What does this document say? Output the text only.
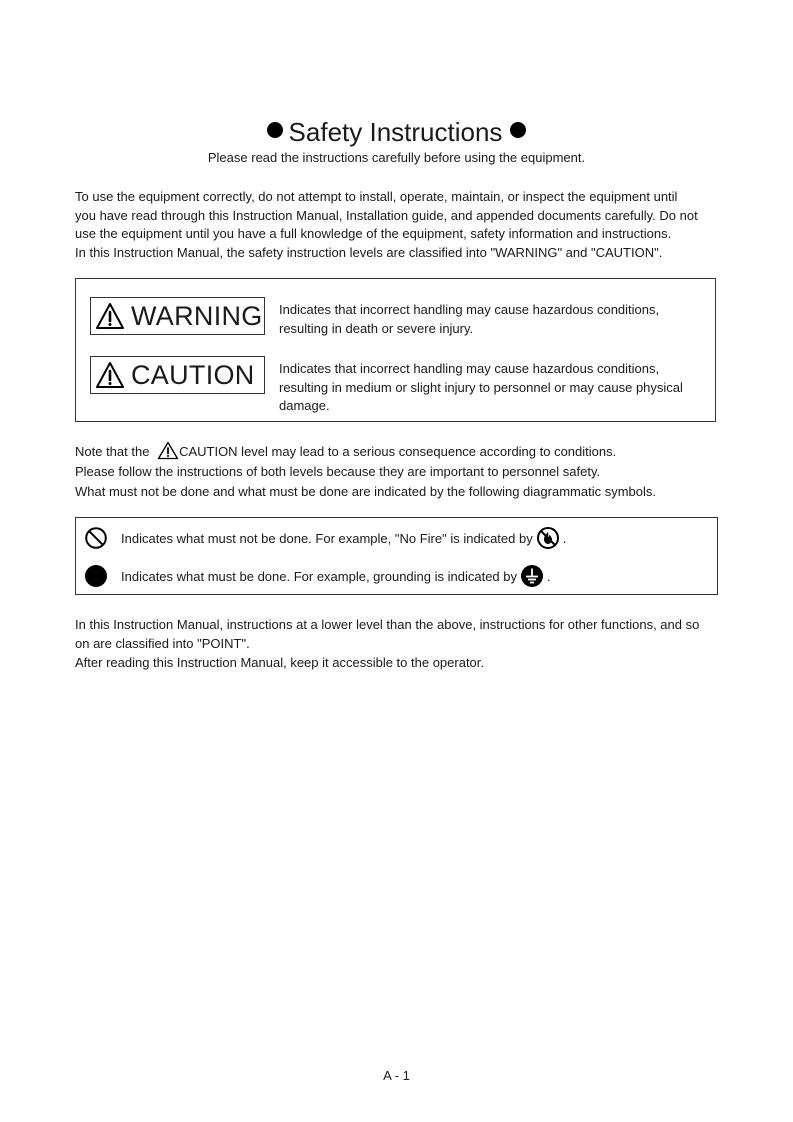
Safety Instructions
Please read the instructions carefully before using the equipment.
To use the equipment correctly, do not attempt to install, operate, maintain, or inspect the equipment until
you have read through this Instruction Manual, Installation guide, and appended documents carefully. Do not
use the equipment until you have a full knowledge of the equipment, safety information and instructions.
In this Instruction Manual, the safety instruction levels are classified into "WARNING" and "CAUTION".
WARNING Indicates that incorrect handling may cause hazardous conditions,
resulting in death or severe injury.
CAUTION Indicates that incorrect handling may cause hazardous conditions,
resulting in medium or slight injury to personnel or may cause physical
damage.
Note that the CAUTION level may lead to a serious consequence according to conditions.
Please follow the instructions of both levels because they are important to personnel safety.
What must not be done and what must be done are indicated by the following diagrammatic symbols.
Indicates what must not be done. For example, "No Fire" is indicated by .
Indicates what must be done. For example, grounding is indicated by .
In this Instruction Manual, instructions at a lower level than the above, instructions for other functions, and so
on are classified into "POINT".
After reading this Instruction Manual, keep it accessible to the operator.
A - 1
